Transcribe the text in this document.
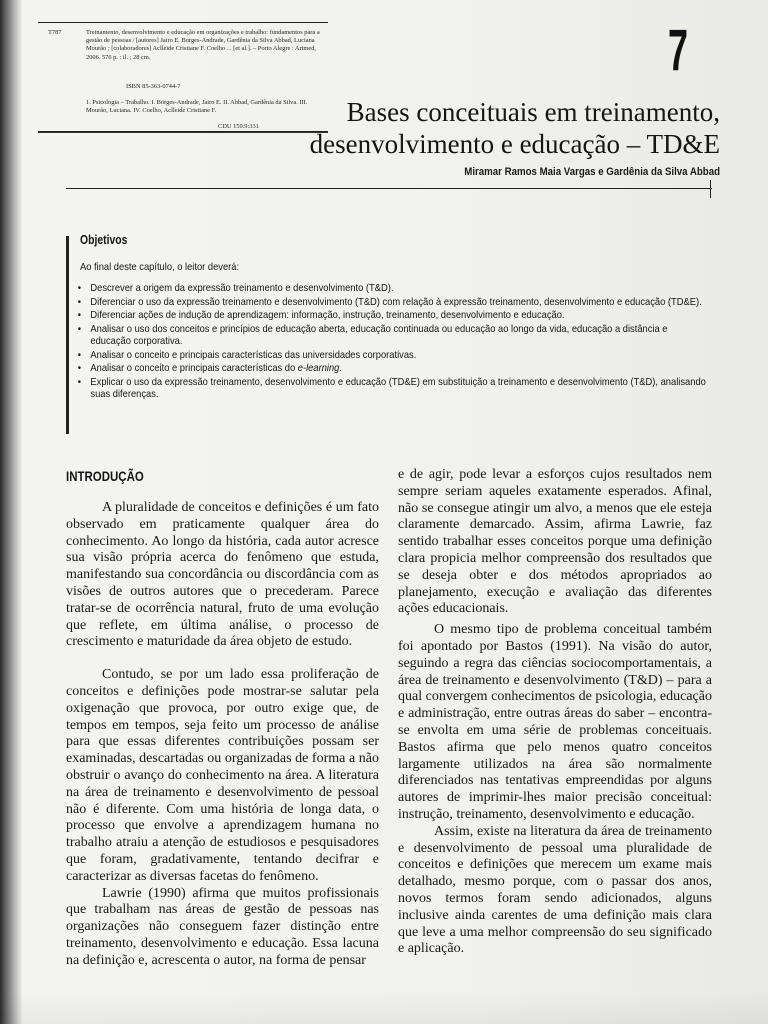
T787	Treinamento, desenvolvimento e educação em organizações e trabalho: fundamentos para a gestão de pessoas / [autores] Jairo E. Borges-Andrade, Gardênia da Silva Abbad, Luciana Mourão ; [colaboradores] Aclleide Cristiane F. Coelho ... [et al.]. – Porto Alegre : Artmed, 2006. 576 p. : il. ; 28 cm.
ISBN 85-363-0744-7
1. Psicologia – Trabalho. I. Borges-Andrade, Jairo E. II. Abbad, Gardênia da Silva. III. Mourão, Luciana. IV. Coelho, Aclleide Cristiane F.
CDU 159.9:331
7
Bases conceituais em treinamento,
desenvolvimento e educação – TD&E
Miramar Ramos Maia Vargas e Gardênia da Silva Abbad
Objetivos
Ao final deste capítulo, o leitor deverá:
• Descrever a origem da expressão treinamento e desenvolvimento (T&D).
• Diferenciar o uso da expressão treinamento e desenvolvimento (T&D) com relação à expressão treinamento, desenvolvimento e educação (TD&E).
• Diferenciar ações de indução de aprendizagem: informação, instrução, treinamento, desenvolvimento e educação.
• Analisar o uso dos conceitos e princípios de educação aberta, educação continuada ou educação ao longo da vida, educação a distância e educação corporativa.
• Analisar o conceito e principais características das universidades corporativas.
• Analisar o conceito e principais características do e-learning.
• Explicar o uso da expressão treinamento, desenvolvimento e educação (TD&E) em substituição a treinamento e desenvolvimento (T&D), analisando suas diferenças.
INTRODUÇÃO

A pluralidade de conceitos e definições é um fato observado em praticamente qualquer área do conhecimento. Ao longo da história, cada autor acresce sua visão própria acerca do fenômeno que estuda, manifestando sua concordância ou discordância com as visões de outros autores que o precederam. Parece tratar-se de ocorrência natural, fruto de uma evolução que reflete, em última análise, o processo de crescimento e maturidade da área objeto de estudo.

Contudo, se por um lado essa proliferação de conceitos e definições pode mostrar-se salutar pela oxigenação que provoca, por outro exige que, de tempos em tempos, seja feito um processo de análise para que essas diferentes contribuições possam ser examinadas, descartadas ou organizadas de forma a não obstruir o avanço do conhecimento na área. A literatura na área de treinamento e desenvolvimento de pessoal não é diferente. Com uma história de longa data, o processo que envolve a aprendizagem humana no trabalho atraiu a atenção de estudiosos e pesquisadores que foram, gradativamente, tentando decifrar e caracterizar as diversas facetas do fenômeno.

Lawrie (1990) afirma que muitos profissionais que trabalham nas áreas de gestão de pessoas nas organizações não conseguem fazer distinção entre treinamento, desenvolvimento e educação. Essa lacuna na definição e, acrescenta o autor, na forma de pensar

e de agir, pode levar a esforços cujos resultados nem sempre seriam aqueles exatamente esperados. Afinal, não se consegue atingir um alvo, a menos que ele esteja claramente demarcado. Assim, afirma Lawrie, faz sentido trabalhar esses conceitos porque uma definição clara propicia melhor compreensão dos resultados que se deseja obter e dos métodos apropriados ao planejamento, execução e avaliação das diferentes ações educacionais.

O mesmo tipo de problema conceitual também foi apontado por Bastos (1991). Na visão do autor, seguindo a regra das ciências sociocomportamentais, a área de treinamento e desenvolvimento (T&D) – para a qual convergem conhecimentos de psicologia, educação e administração, entre outras áreas do saber – encontra-se envolta em uma série de problemas conceituais. Bastos afirma que pelo menos quatro conceitos largamente utilizados na área são normalmente diferenciados nas tentativas empreendidas por alguns autores de imprimir-lhes maior precisão conceitual: instrução, treinamento, desenvolvimento e educação.

Assim, existe na literatura da área de treinamento e desenvolvimento de pessoal uma pluralidade de conceitos e definições que merecem um exame mais detalhado, mesmo porque, com o passar dos anos, novos termos foram sendo adicionados, alguns inclusive ainda carentes de uma definição mais clara que leve a uma melhor compreensão do seu significado e aplicação.
